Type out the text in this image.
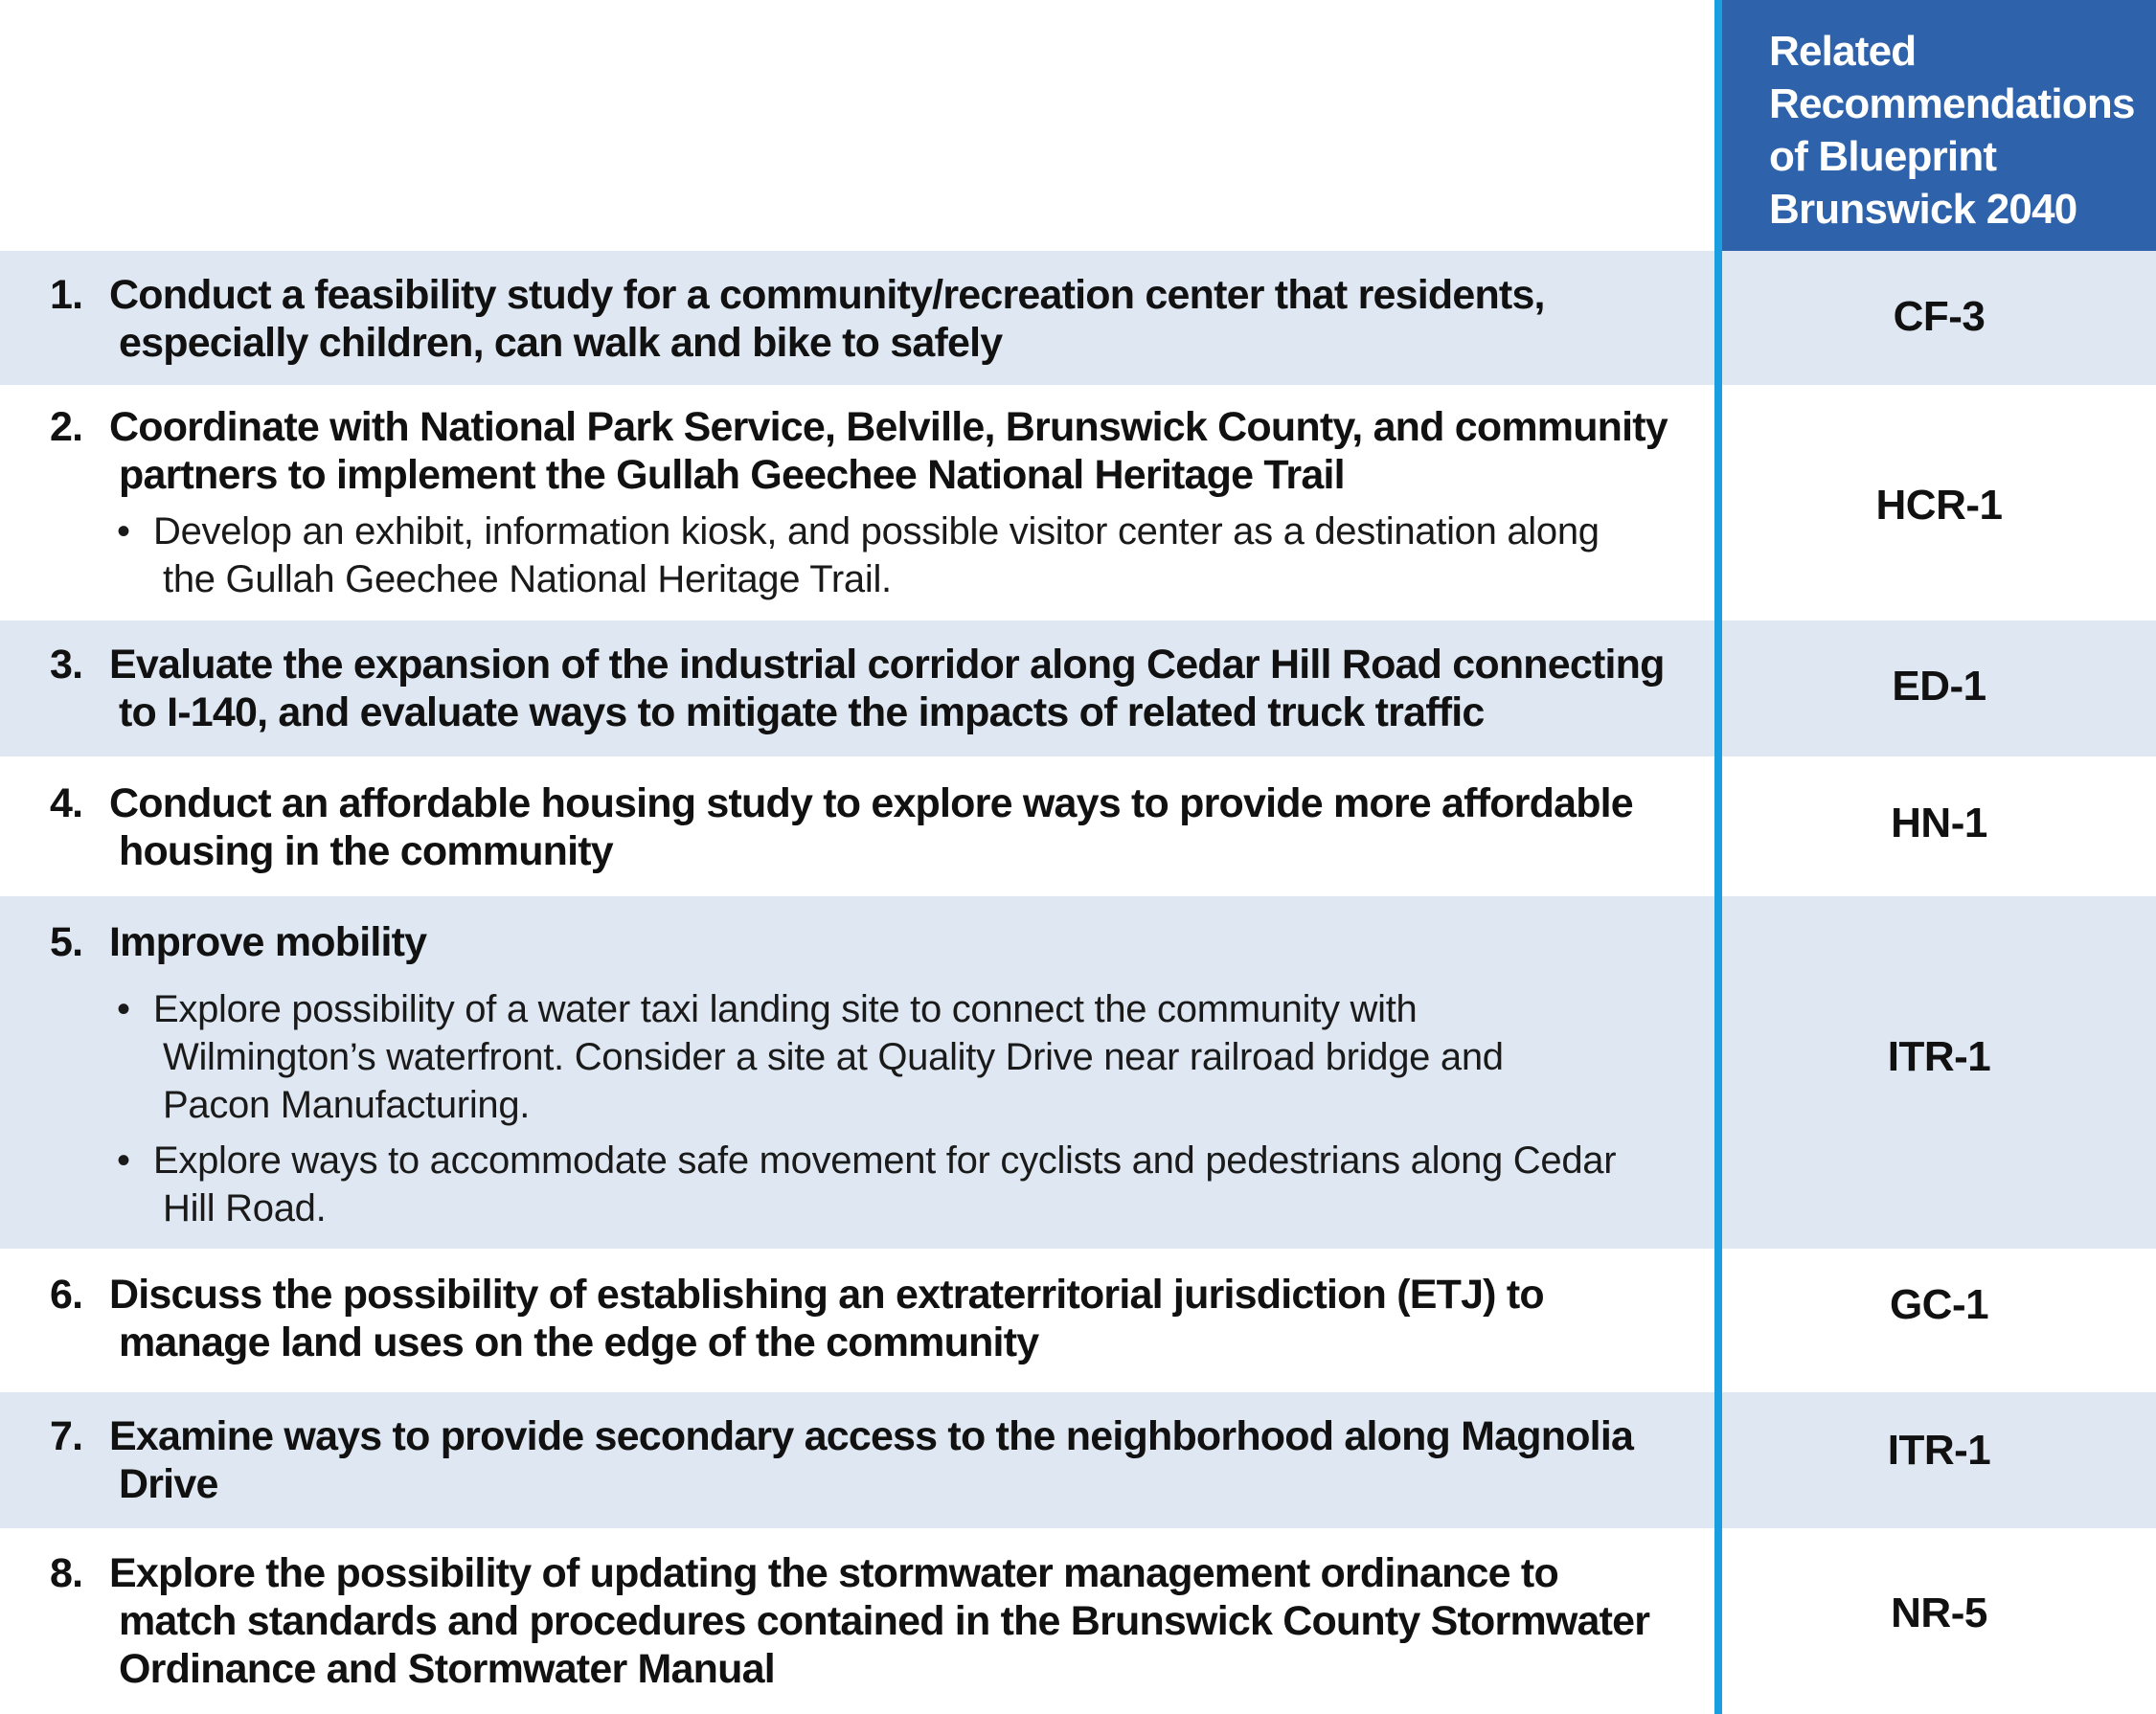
Related
Recommendations
of Blueprint
Brunswick 2040
1. Conduct a feasibility study for a community/recreation center that residents,
especially children, can walk and bike to safely
CF-3
2. Coordinate with National Park Service, Belville, Brunswick County, and community
partners to implement the Gullah Geechee National Heritage Trail
• Develop an exhibit, information kiosk, and possible visitor center as a destination along
the Gullah Geechee National Heritage Trail.
HCR-1
3. Evaluate the expansion of the industrial corridor along Cedar Hill Road connecting
to I-140, and evaluate ways to mitigate the impacts of related truck traffic
ED-1
4. Conduct an affordable housing study to explore ways to provide more affordable
housing in the community
HN-1
5. Improve mobility
• Explore possibility of a water taxi landing site to connect the community with
Wilmington’s waterfront. Consider a site at Quality Drive near railroad bridge and
Pacon Manufacturing.
• Explore ways to accommodate safe movement for cyclists and pedestrians along Cedar
Hill Road.
ITR-1
6. Discuss the possibility of establishing an extraterritorial jurisdiction (ETJ) to
manage land uses on the edge of the community
GC-1
7. Examine ways to provide secondary access to the neighborhood along Magnolia
Drive
ITR-1
8. Explore the possibility of updating the stormwater management ordinance to
match standards and procedures contained in the Brunswick County Stormwater
Ordinance and Stormwater Manual
NR-5
